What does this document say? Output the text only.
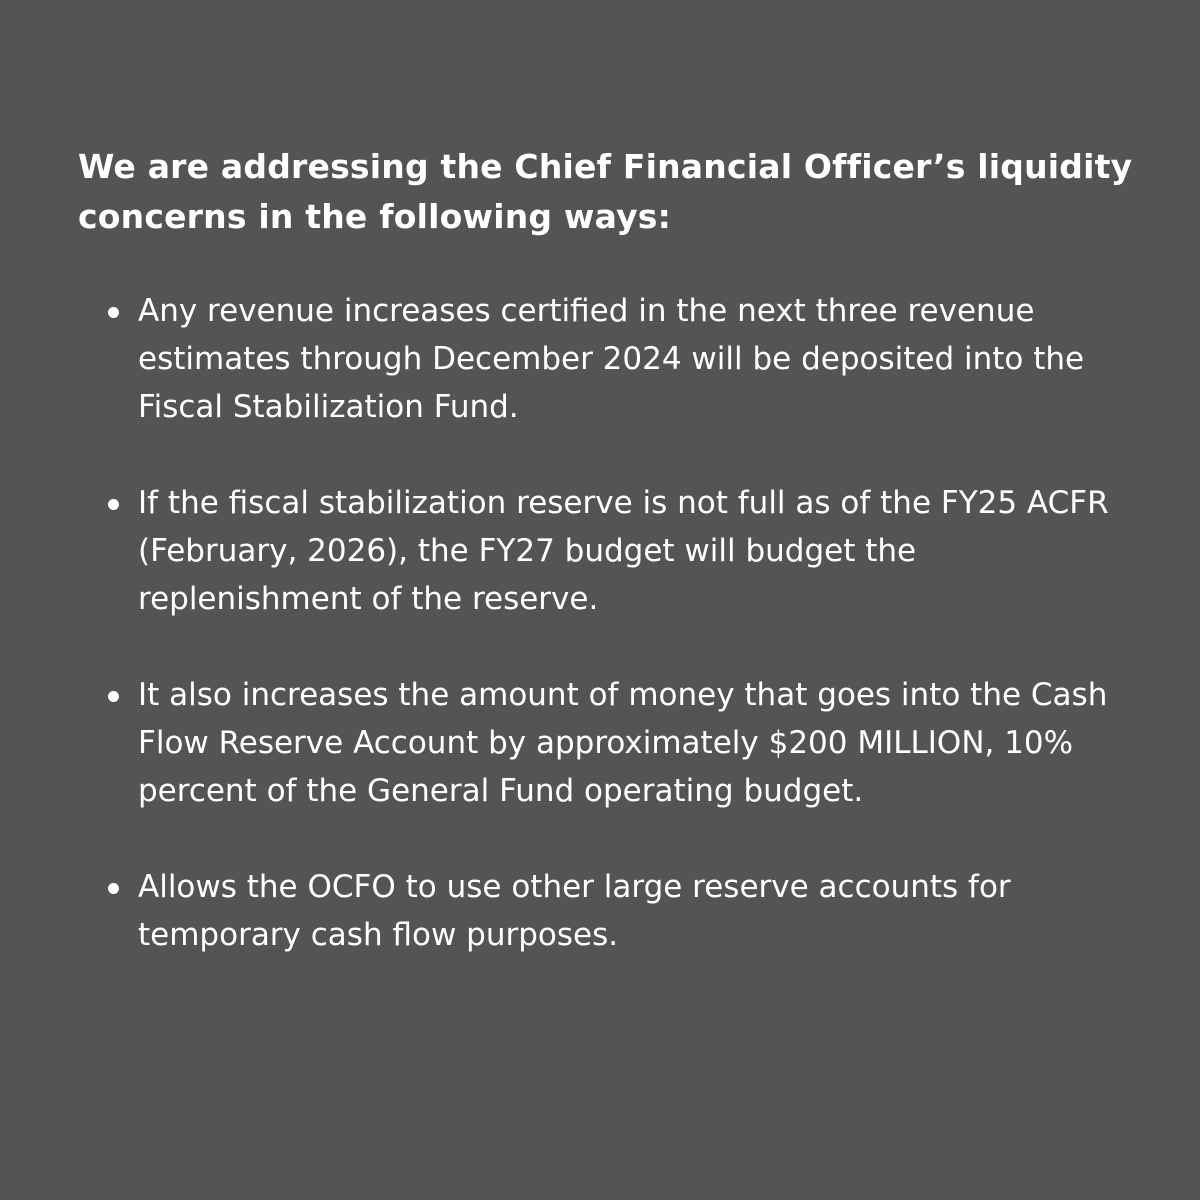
We are addressing the Chief Financial Officer’s liquidity concerns in the following ways:
Any revenue increases certified in the next three revenue estimates through December 2024 will be deposited into the Fiscal Stabilization Fund.
If the fiscal stabilization reserve is not full as of the FY25 ACFR (February, 2026), the FY27 budget will budget the replenishment of the reserve.
It also increases the amount of money that goes into the Cash Flow Reserve Account by approximately $200 MILLION, 10% percent of the General Fund operating budget.
Allows the OCFO to use other large reserve accounts for temporary cash flow purposes.
